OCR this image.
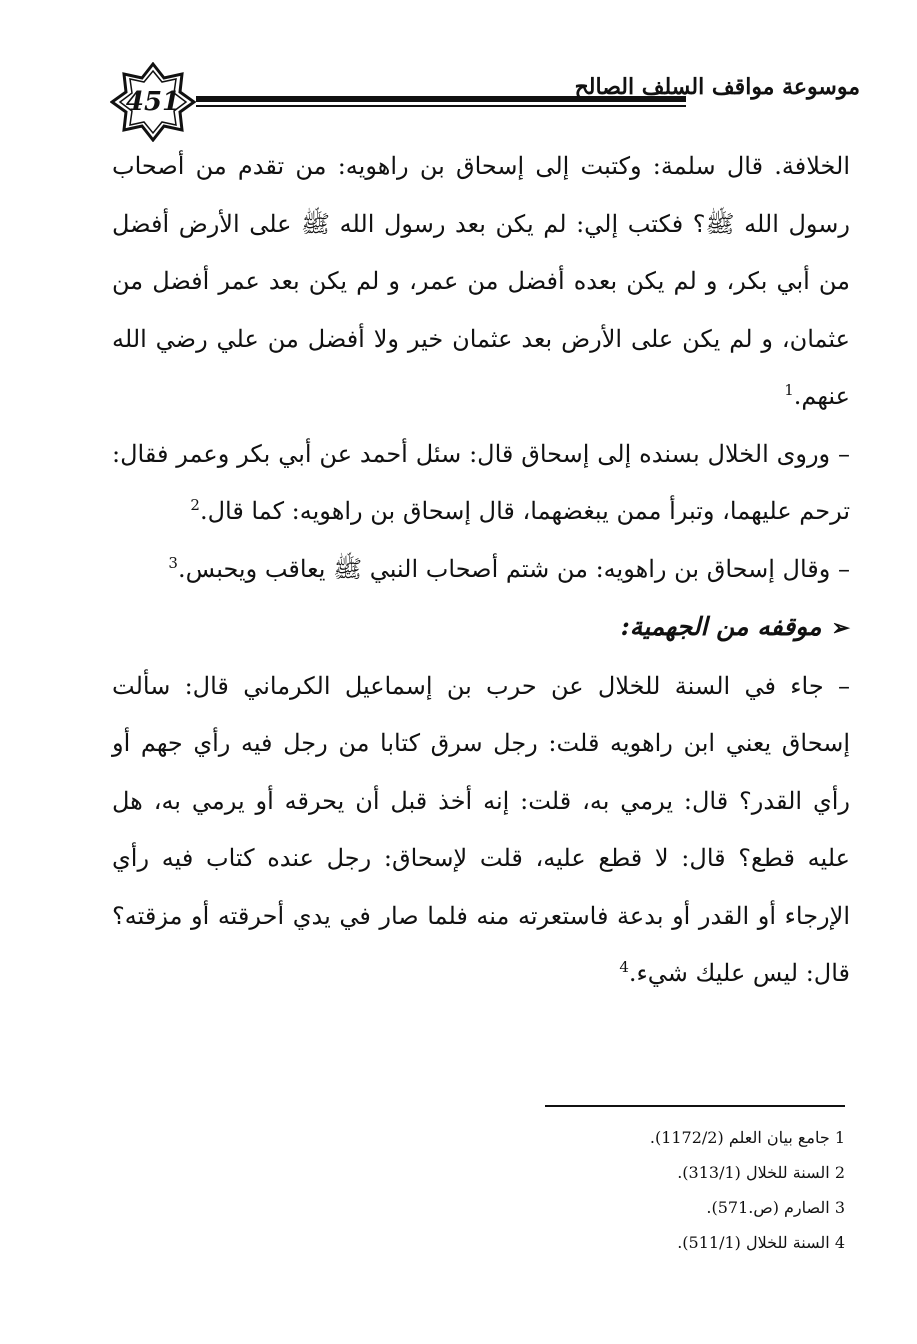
451	موسوعة مواقف السلف الصالح

الخلافة. قال سلمة: وكتبت إلى إسحاق بن راهويه: من تقدم من أصحاب رسول الله ﷺ؟ فكتب إلي: لم يكن بعد رسول الله ﷺ على الأرض أفضل من أبي بكر، و لم يكن بعده أفضل من عمر، و لم يكن بعد عمر أفضل من عثمان، و لم يكن على الأرض بعد عثمان خير ولا أفضل من علي رضي الله عنهم.$^1$

– وروى الخلال بسنده إلى إسحاق قال: سئل أحمد عن أبي بكر وعمر فقال: ترحم عليهما، وتبرأ ممن يبغضهما، قال إسحاق بن راهويه: كما قال.$^2$

– وقال إسحاق بن راهويه: من شتم أصحاب النبي ﷺ يعاقب ويحبس.$^3$

➢موقفه من الجهمية:

– جاء في السنة للخلال عن حرب بن إسماعيل الكرماني قال: سألت إسحاق يعني ابن راهويه قلت: رجل سرق كتابا من رجل فيه رأي جهم أو رأي القدر؟ قال: يرمي به، قلت: إنه أخذ قبل أن يحرقه أو يرمي به، هل عليه قطع؟ قال: لا قطع عليه، قلت لإسحاق: رجل عنده كتاب فيه رأي الإرجاء أو القدر أو بدعة فاستعرته منه فلما صار في يدي أحرقته أو مزقته؟ قال: ليس عليك شيء.$^4$

1 جامع بيان العلم (1172/2).
2 السنة للخلال (313/1).
3 الصارم (ص.571).
4 السنة للخلال (511/1).
